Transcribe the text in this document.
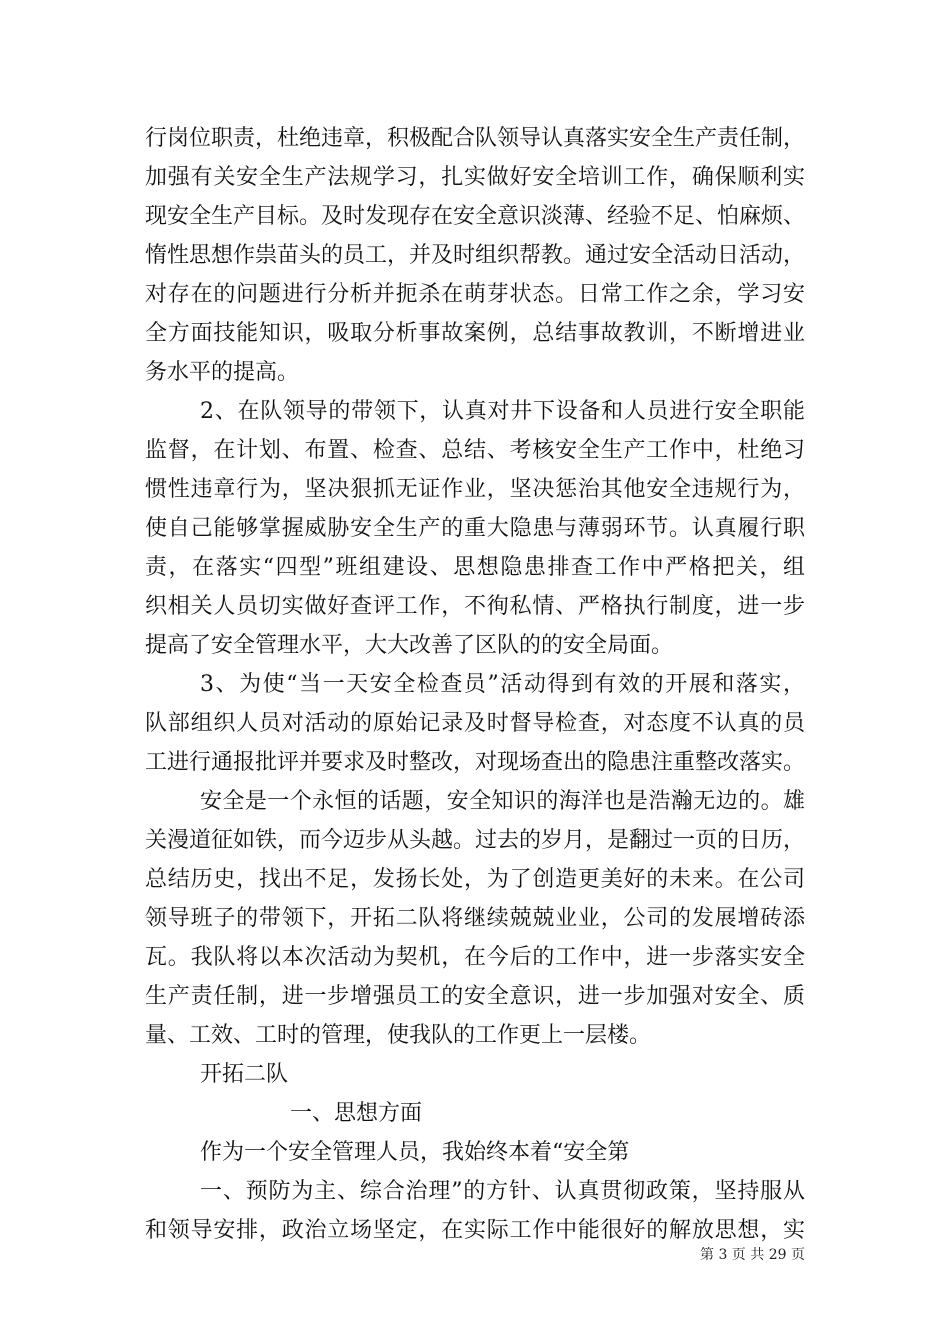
行岗位职责，杜绝违章，积极配合队领导认真落实安全生产责任制，
加强有关安全生产法规学习，扎实做好安全培训工作，确保顺利实
现安全生产目标。及时发现存在安全意识淡薄、经验不足、怕麻烦、
惰性思想作祟苗头的员工，并及时组织帮教。通过安全活动日活动，
对存在的问题进行分析并扼杀在萌芽状态。日常工作之余，学习安
全方面技能知识，吸取分析事故案例，总结事故教训，不断增进业
务水平的提高。
2、在队领导的带领下，认真对井下设备和人员进行安全职能
监督，在计划、布置、检查、总结、考核安全生产工作中，杜绝习
惯性违章行为，坚决狠抓无证作业，坚决惩治其他安全违规行为，
使自己能够掌握威胁安全生产的重大隐患与薄弱环节。认真履行职
责，在落实“四型”班组建设、思想隐患排查工作中严格把关，组
织相关人员切实做好查评工作，不徇私情、严格执行制度，进一步
提高了安全管理水平，大大改善了区队的的安全局面。
3、为使“当一天安全检查员”活动得到有效的开展和落实，
队部组织人员对活动的原始记录及时督导检查，对态度不认真的员
工进行通报批评并要求及时整改，对现场查出的隐患注重整改落实。
安全是一个永恒的话题，安全知识的海洋也是浩瀚无边的。雄
关漫道征如铁，而今迈步从头越。过去的岁月，是翻过一页的日历，
总结历史，找出不足，发扬长处，为了创造更美好的未来。在公司
领导班子的带领下，开拓二队将继续兢兢业业，公司的发展增砖添
瓦。我队将以本次活动为契机，在今后的工作中，进一步落实安全
生产责任制，进一步增强员工的安全意识，进一步加强对安全、质
量、工效、工时的管理，使我队的工作更上一层楼。
开拓二队
一、思想方面
作为一个安全管理人员，我始终本着“安全第
一、预防为主、综合治理”的方针、认真贯彻政策，坚持服从
和领导安排，政治立场坚定，在实际工作中能很好的解放思想，实
第 3 页 共 29 页
